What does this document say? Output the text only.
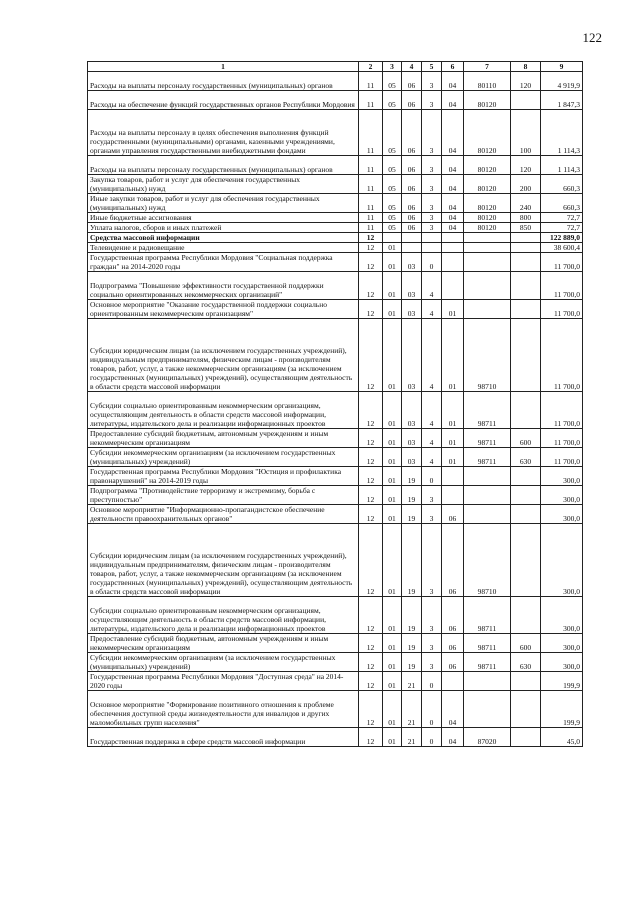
122
1	2	3	4	5	6	7	8	9
Расходы на выплаты персоналу государственных (муниципальных) органов	11	05	06	3	04	80110	120	4 919,9
Расходы на обеспечение функций государственных органов Республики Мордовия	11	05	06	3	04	80120		1 847,3
Расходы на выплаты персоналу в целях обеспечения выполнения функций государственными (муниципальными) органами, казенными учреждениями, органами управления государственными внебюджетными фондами	11	05	06	3	04	80120	100	1 114,3
Расходы на выплаты персоналу государственных (муниципальных) органов	11	05	06	3	04	80120	120	1 114,3
Закупка товаров, работ и услуг для обеспечения государственных (муниципальных) нужд	11	05	06	3	04	80120	200	660,3
Иные закупки товаров, работ и услуг для обеспечения государственных (муниципальных) нужд	11	05	06	3	04	80120	240	660,3
Иные бюджетные ассигнования	11	05	06	3	04	80120	800	72,7
Уплата налогов, сборов и иных платежей	11	05	06	3	04	80120	850	72,7
Средства массовой информации	12							122 889,0
Телевидение и радиовещание	12	01						38 600,4
Государственная программа Республики Мордовия "Социальная поддержка граждан" на 2014-2020 годы	12	01	03	0				11 700,0
Подпрограмма "Повышение эффективности государственной поддержки социально ориентированных некоммерческих организаций"	12	01	03	4				11 700,0
Основное мероприятие "Оказание государственной поддержки социально ориентированным некоммерческим организациям"	12	01	03	4	01			11 700,0
Субсидии юридическим лицам (за исключением государственных учреждений), индивидуальным предпринимателям, физическим лицам - производителям товаров, работ, услуг, а также некоммерческим организациям (за исключением государственных (муниципальных) учреждений), осуществляющим деятельность в области средств массовой информации	12	01	03	4	01	98710		11 700,0
Субсидии социально ориентированным некоммерческим организациям, осуществляющим деятельность в области средств массовой информации, литературы, издательского дела и реализации информационных проектов	12	01	03	4	01	98711		11 700,0
Предоставление субсидий бюджетным, автономным учреждениям и иным некоммерческим организациям	12	01	03	4	01	98711	600	11 700,0
Субсидии некоммерческим организациям (за исключением государственных (муниципальных) учреждений)	12	01	03	4	01	98711	630	11 700,0
Государственная программа Республики Мордовия "Юстиция и профилактика правонарушений" на 2014-2019 годы	12	01	19	0				300,0
Подпрограмма "Противодействие терроризму и экстремизму, борьба с преступностью"	12	01	19	3				300,0
Основное мероприятие "Информационно-пропагандистское обеспечение деятельности правоохранительных органов"	12	01	19	3	06			300,0
Субсидии юридическим лицам (за исключением государственных учреждений), индивидуальным предпринимателям, физическим лицам - производителям товаров, работ, услуг, а также некоммерческим организациям (за исключением государственных (муниципальных) учреждений), осуществляющим деятельность в области средств массовой информации	12	01	19	3	06	98710		300,0
Субсидии социально ориентированным некоммерческим организациям, осуществляющим деятельность в области средств массовой информации, литературы, издательского дела и реализации информационных проектов	12	01	19	3	06	98711		300,0
Предоставление субсидий бюджетным, автономным учреждениям и иным некоммерческим организациям	12	01	19	3	06	98711	600	300,0
Субсидии некоммерческим организациям (за исключением государственных (муниципальных) учреждений)	12	01	19	3	06	98711	630	300,0
Государственная программа Республики Мордовия "Доступная среда" на 2014-2020 годы	12	01	21	0				199,9
Основное мероприятие "Формирование позитивного отношения к проблеме обеспечения доступной среды жизнедеятельности для инвалидов и других маломобильных групп населения"	12	01	21	0	04			199,9
Государственная поддержка в сфере средств массовой информации	12	01	21	0	04	87020		45,0
